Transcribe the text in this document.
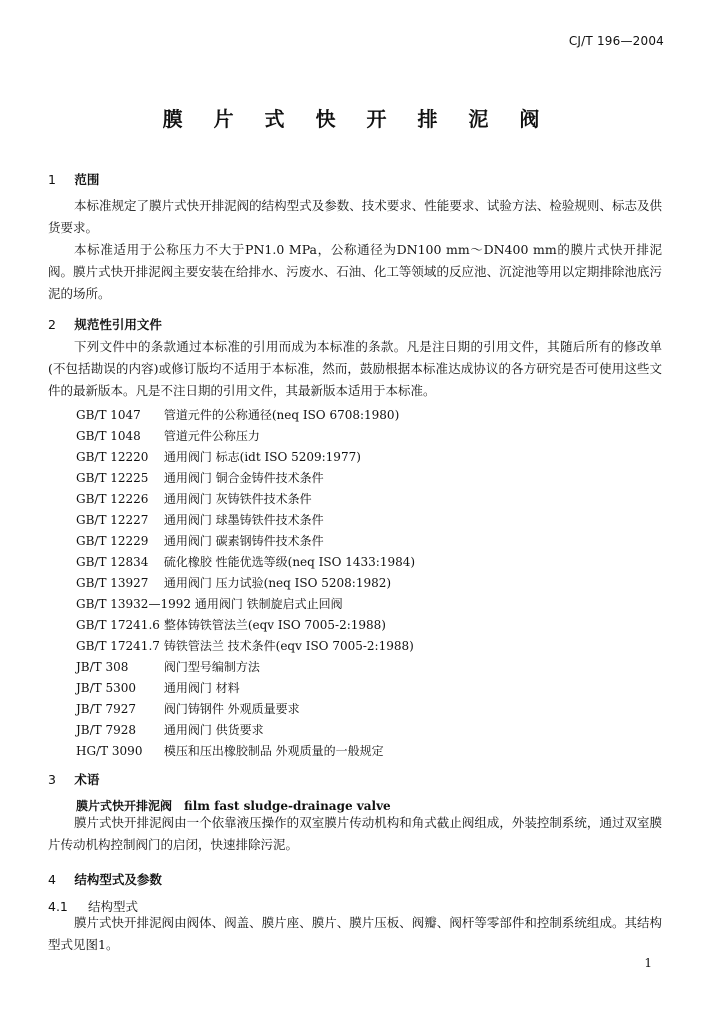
CJ/T 196—2004
膜 片 式 快 开 排 泥 阀
1 范围
本标准规定了膜片式快开排泥阀的结构型式及参数、技术要求、性能要求、试验方法、检验规则、标志及供货要求。
本标准适用于公称压力不大于PN1.0 MPa，公称通径为DN100 mm～DN400 mm的膜片式快开排泥阀。膜片式快开排泥阀主要安装在给排水、污废水、石油、化工等领域的反应池、沉淀池等用以定期排除池底污泥的场所。
2 规范性引用文件
下列文件中的条款通过本标准的引用而成为本标准的条款。凡是注日期的引用文件，其随后所有的修改单(不包括勘误的内容)或修订版均不适用于本标准，然而，鼓励根据本标准达成协议的各方研究是否可使用这些文件的最新版本。凡是不注日期的引用文件，其最新版本适用于本标准。
GB/T 1047 管道元件的公称通径(neq ISO 6708:1980)
GB/T 1048 管道元件公称压力
GB/T 12220 通用阀门 标志(idt ISO 5209:1977)
GB/T 12225 通用阀门 铜合金铸件技术条件
GB/T 12226 通用阀门 灰铸铁件技术条件
GB/T 12227 通用阀门 球墨铸铁件技术条件
GB/T 12229 通用阀门 碳素钢铸件技术条件
GB/T 12834 硫化橡胶 性能优选等级(neq ISO 1433:1984)
GB/T 13927 通用阀门 压力试验(neq ISO 5208:1982)
GB/T 13932—1992 通用阀门 铁制旋启式止回阀
GB/T 17241.6 整体铸铁管法兰(eqv ISO 7005-2:1988)
GB/T 17241.7 铸铁管法兰 技术条件(eqv ISO 7005-2:1988)
JB/T 308	阀门型号编制方法
JB/T 5300 通用阀门 材料
JB/T 7927 阀门铸钢件 外观质量要求
JB/T 7928 通用阀门 供货要求
HG/T 3090 模压和压出橡胶制品 外观质量的一般规定
3 术语
膜片式快开排泥阀 film fast sludge-drainage valve
膜片式快开排泥阀由一个依靠液压操作的双室膜片传动机构和角式截止阀组成，外装控制系统，通过双室膜片传动机构控制阀门的启闭，快速排除污泥。
4 结构型式及参数
4.1 结构型式
膜片式快开排泥阀由阀体、阀盖、膜片座、膜片、膜片压板、阀瓣、阀杆等零部件和控制系统组成。其结构型式见图1。
1
